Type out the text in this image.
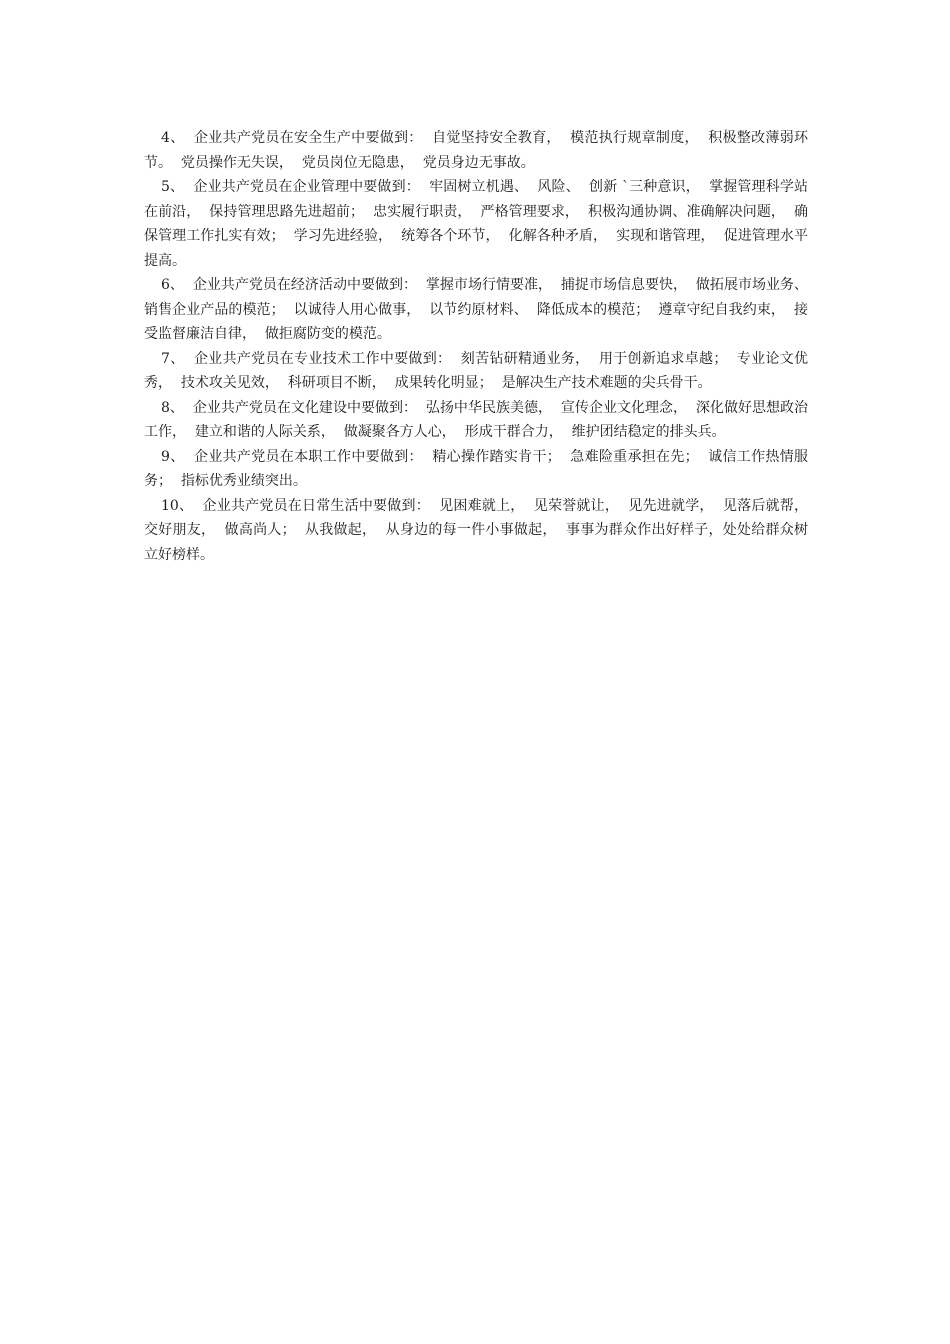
4、  企业共产党员在安全生产中要做到：  自觉坚持安全教育，  模范执行规章制度，  积极整改薄弱环节。  党员操作无失误，  党员岗位无隐患，  党员身边无事故。

5、  企业共产党员在企业管理中要做到：  牢固树立机遇、  风险、  创新 `三种意识，  掌握管理科学站在前沿，  保持管理思路先进超前；  忠实履行职责，  严格管理要求，  积极沟通协调、准确解决问题，  确保管理工作扎实有效；  学习先进经验，  统筹各个环节，  化解各种矛盾，  实现和谐管理，  促进管理水平提高。

6、  企业共产党员在经济活动中要做到：  掌握市场行情要准，  捕捉市场信息要快，  做拓展市场业务、  销售企业产品的模范；  以诚待人用心做事，  以节约原材料、  降低成本的模范；  遵章守纪自我约束，  接受监督廉洁自律，  做拒腐防变的模范。

7、  企业共产党员在专业技术工作中要做到：  刻苦钻研精通业务，  用于创新追求卓越；  专业论文优秀，  技术攻关见效，  科研项目不断，  成果转化明显；  是解决生产技术难题的尖兵骨干。

8、  企业共产党员在文化建设中要做到：  弘扬中华民族美德，  宣传企业文化理念，  深化做好思想政治工作，  建立和谐的人际关系，  做凝聚各方人心，  形成干群合力，  维护团结稳定的排头兵。

9、  企业共产党员在本职工作中要做到：  精心操作踏实肯干；  急难险重承担在先；  诚信工作热情服务；  指标优秀业绩突出。

10、  企业共产党员在日常生活中要做到：  见困难就上，  见荣誉就让，  见先进就学，  见落后就帮，  交好朋友，  做高尚人；  从我做起，  从身边的每一件小事做起，  事事为群众作出好样子，处处给群众树立好榜样。
